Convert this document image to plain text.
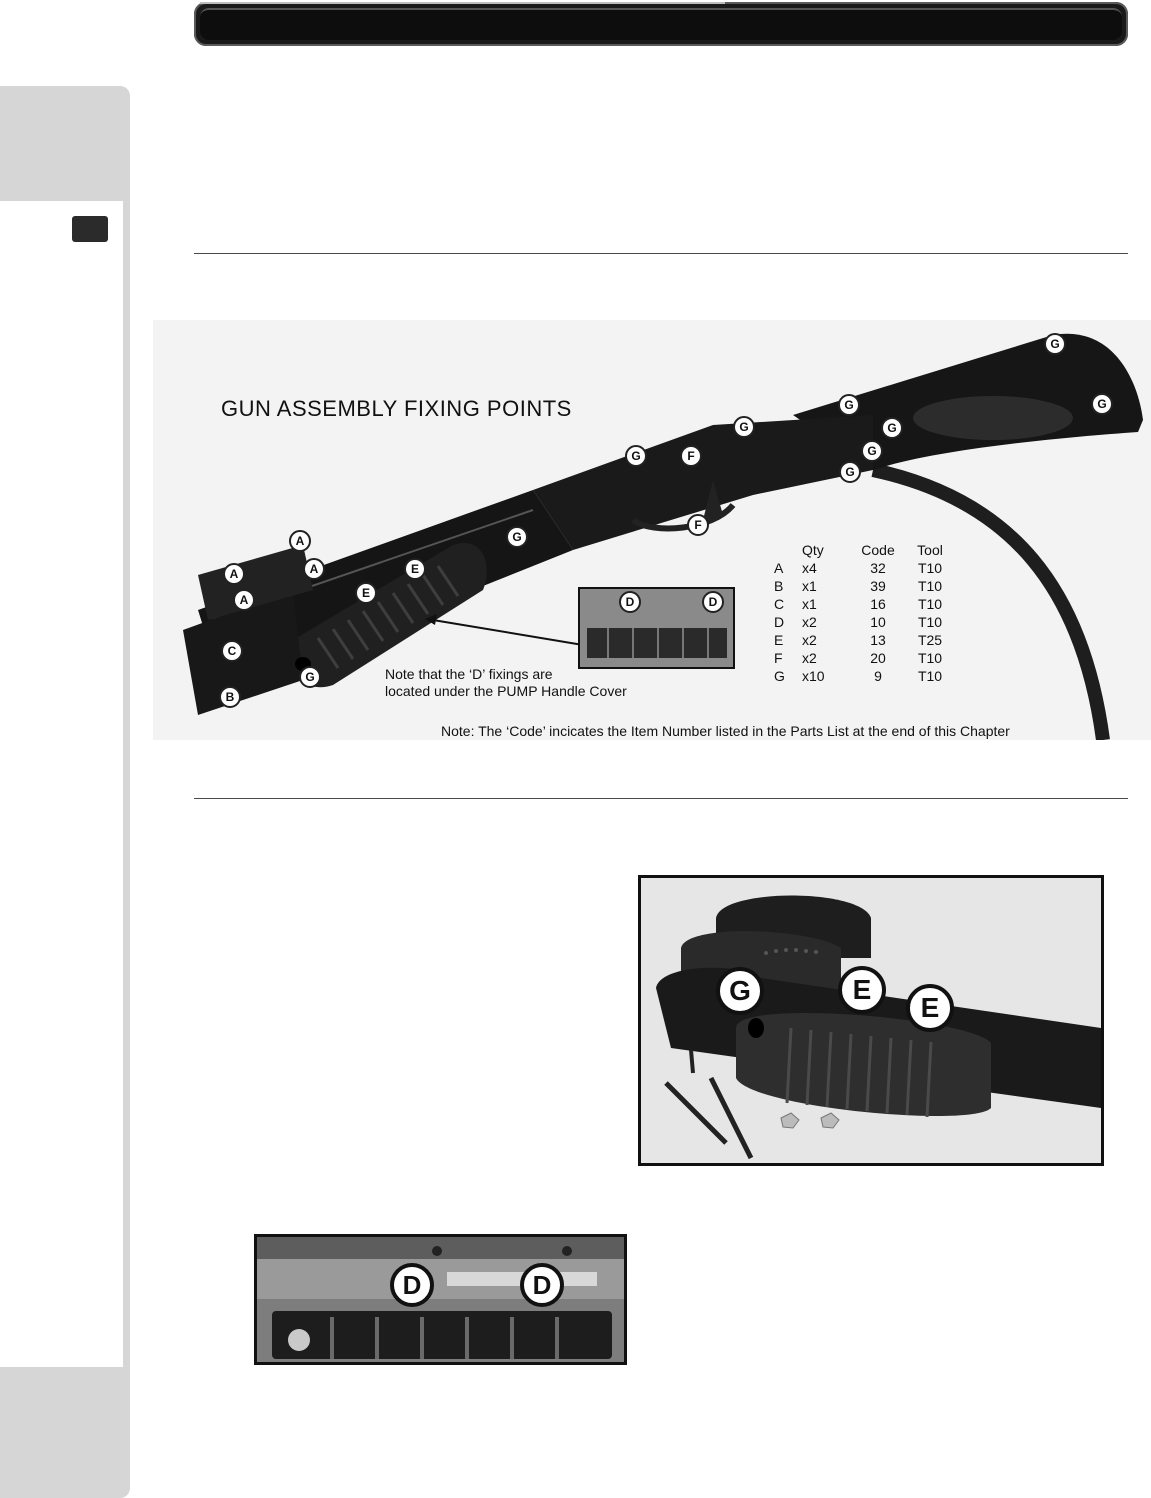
GUN ASSEMBLY FIXING POINTS
A
A	A
A
C
B
G
E
E
G
F
G	F
G
G
G
G
G
G
G
D	D
	Qty	Code	Tool
A	x4	32	T10
B	x1	39	T10
C	x1	16	T10
D	x2	10	T10
E	x2	13	T25
F	x2	20	T10
G	x10	9	T10
Note that the ‘D’ fixings are
located under the PUMP Handle Cover
Note: The ‘Code’ incicates the Item Number listed in the Parts List at the end of this Chapter
G	E
E
D	D
